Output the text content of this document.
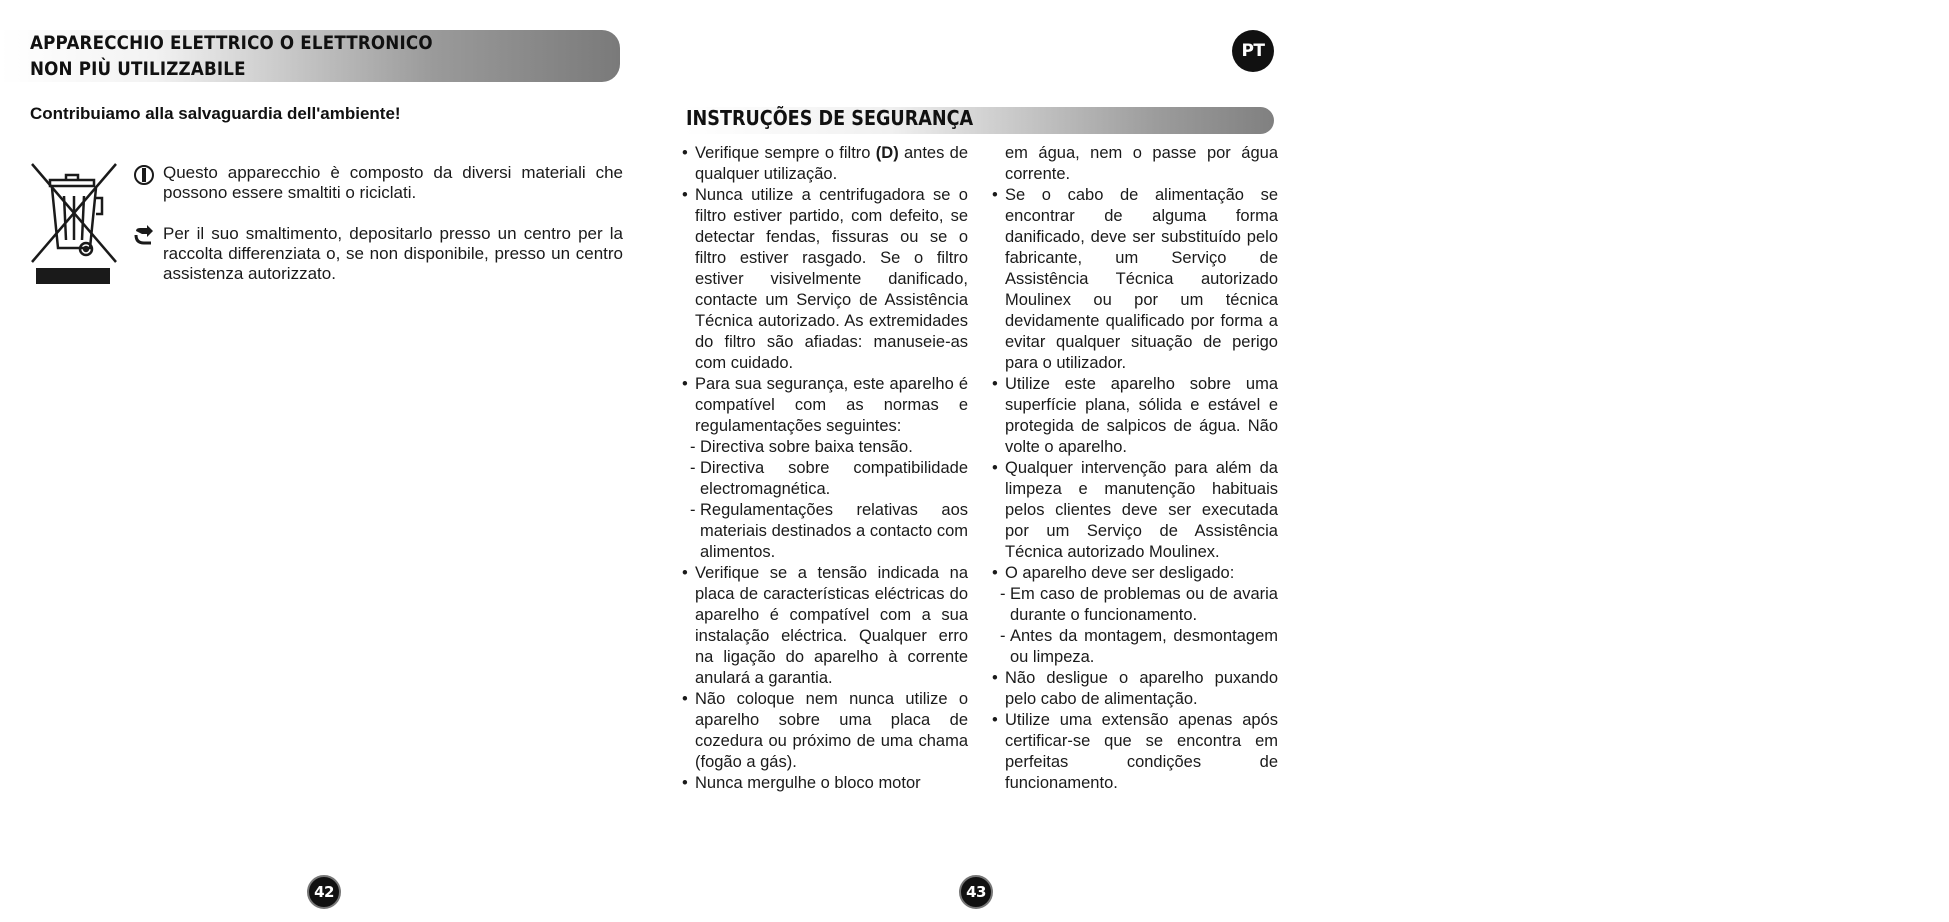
APPARECCHIO ELETTRICO O ELETTRONICO
NON PIÙ UTILIZZABILE
Contribuiamo alla salvaguardia dell'ambiente!
Questo apparecchio è composto da diversi materiali che possono essere smaltiti o riciclati.
Per il suo smaltimento, depositarlo presso un centro per la raccolta differenziata o, se non disponibile, presso un centro assistenza autorizzato.
42
PT
INSTRUÇÕES DE SEGURANÇA
• Verifique sempre o filtro (D) antes de qualquer utilização.
• Nunca utilize a centrifugadora se o filtro estiver partido, com defeito, se detectar fendas, fissuras ou se o filtro estiver rasgado. Se o filtro estiver visivelmente danificado, contacte um Serviço de Assistência Técnica autorizado. As extremidades do filtro são afiadas: manuseie-as com cuidado.
• Para sua segurança, este aparelho é compatível com as normas e regulamentações seguintes:
- Directiva sobre baixa tensão.
- Directiva sobre compatibilidade electromagnética.
- Regulamentações relativas aos materiais destinados a contacto com alimentos.
• Verifique se a tensão indicada na placa de características eléctricas do aparelho é compatível com a sua instalação eléctrica. Qualquer erro na ligação do aparelho à corrente anulará a garantia.
• Não coloque nem nunca utilize o aparelho sobre uma placa de cozedura ou próximo de uma chama (fogão a gás).
• Nunca mergulhe o bloco motor
em água, nem o passe por água corrente.
• Se o cabo de alimentação se encontrar de alguma forma danificado, deve ser substituído pelo fabricante, um Serviço de Assistência Técnica autorizado Moulinex ou por um técnica devidamente qualificado por forma a evitar qualquer situação de perigo para o utilizador.
• Utilize este aparelho sobre uma superfície plana, sólida e estável e protegida de salpicos de água. Não volte o aparelho.
• Qualquer intervenção para além da limpeza e manutenção habituais pelos clientes deve ser executada por um Serviço de Assistência Técnica autorizado Moulinex.
• O aparelho deve ser desligado:
- Em caso de problemas ou de avaria durante o funcionamento.
- Antes da montagem, desmontagem ou limpeza.
• Não desligue o aparelho puxando pelo cabo de alimentação.
• Utilize uma extensão apenas após certificar-se que se encontra em perfeitas condições de funcionamento.
43
